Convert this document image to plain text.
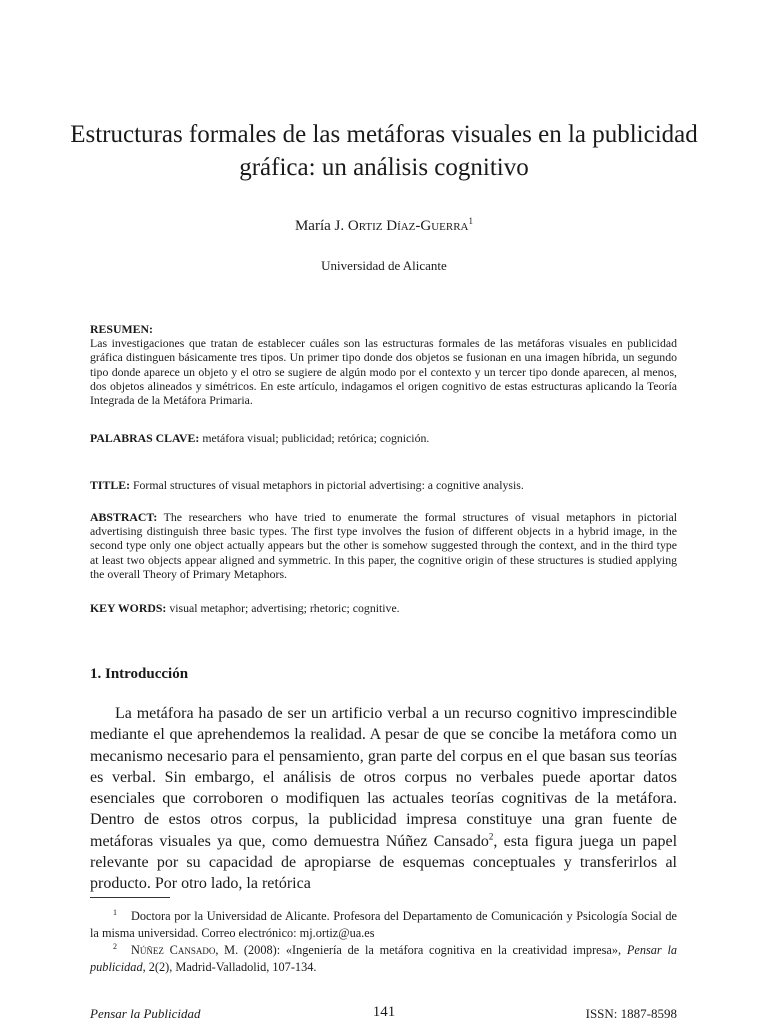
Estructuras formales de las metáforas visuales en la publicidad gráfica: un análisis cognitivo
María J. Ortiz Díaz-Guerra$^1$
Universidad de Alicante
RESUMEN:
Las investigaciones que tratan de establecer cuáles son las estructuras formales de las metáforas visuales en publicidad gráfica distinguen básicamente tres tipos. Un primer tipo donde dos objetos se fusionan en una imagen híbrida, un segundo tipo donde aparece un objeto y el otro se sugiere de algún modo por el contexto y un tercer tipo donde aparecen, al menos, dos objetos alineados y simétricos. En este artículo, indagamos el origen cognitivo de estas estructuras aplicando la Teoría Integrada de la Metáfora Primaria.
PALABRAS CLAVE: metáfora visual; publicidad; retórica; cognición.
TITLE: Formal structures of visual metaphors in pictorial advertising: a cognitive analysis.
ABSTRACT: The researchers who have tried to enumerate the formal structures of visual metaphors in pictorial advertising distinguish three basic types. The first type involves the fusion of different objects in a hybrid image, in the second type only one object actually appears but the other is somehow suggested through the context, and in the third type at least two objects appear aligned and symmetric. In this paper, the cognitive origin of these structures is studied applying the overall Theory of Primary Metaphors.
KEY WORDS: visual metaphor; advertising; rhetoric; cognitive.
1. Introducción

La metáfora ha pasado de ser un artificio verbal a un recurso cognitivo imprescindible mediante el que aprehendemos la realidad. A pesar de que se concibe la metáfora como un mecanismo necesario para el pensamiento, gran parte del corpus en el que basan sus teorías es verbal. Sin embargo, el análisis de otros corpus no verbales puede aportar datos esenciales que corroboren o modifiquen las actuales teorías cognitivas de la metáfora. Dentro de estos otros corpus, la publicidad impresa constituye una gran fuente de metáforas visuales ya que, como demuestra Núñez Cansado$^2$, esta figura juega un papel relevante por su capacidad de apropiarse de esquemas conceptuales y transferirlos al producto. Por otro lado, la retórica

$^1$ Doctora por la Universidad de Alicante. Profesora del Departamento de Comunicación y Psicología Social de la misma universidad. Correo electrónico: mj.ortiz@ua.es

$^2$ Núñez Cansado, M. (2008): «Ingeniería de la metáfora cognitiva en la creatividad impresa», Pensar la publicidad, 2(2), Madrid-Valladolid, 107-134.

Pensar la Publicidad	141	ISSN: 1887-8598
